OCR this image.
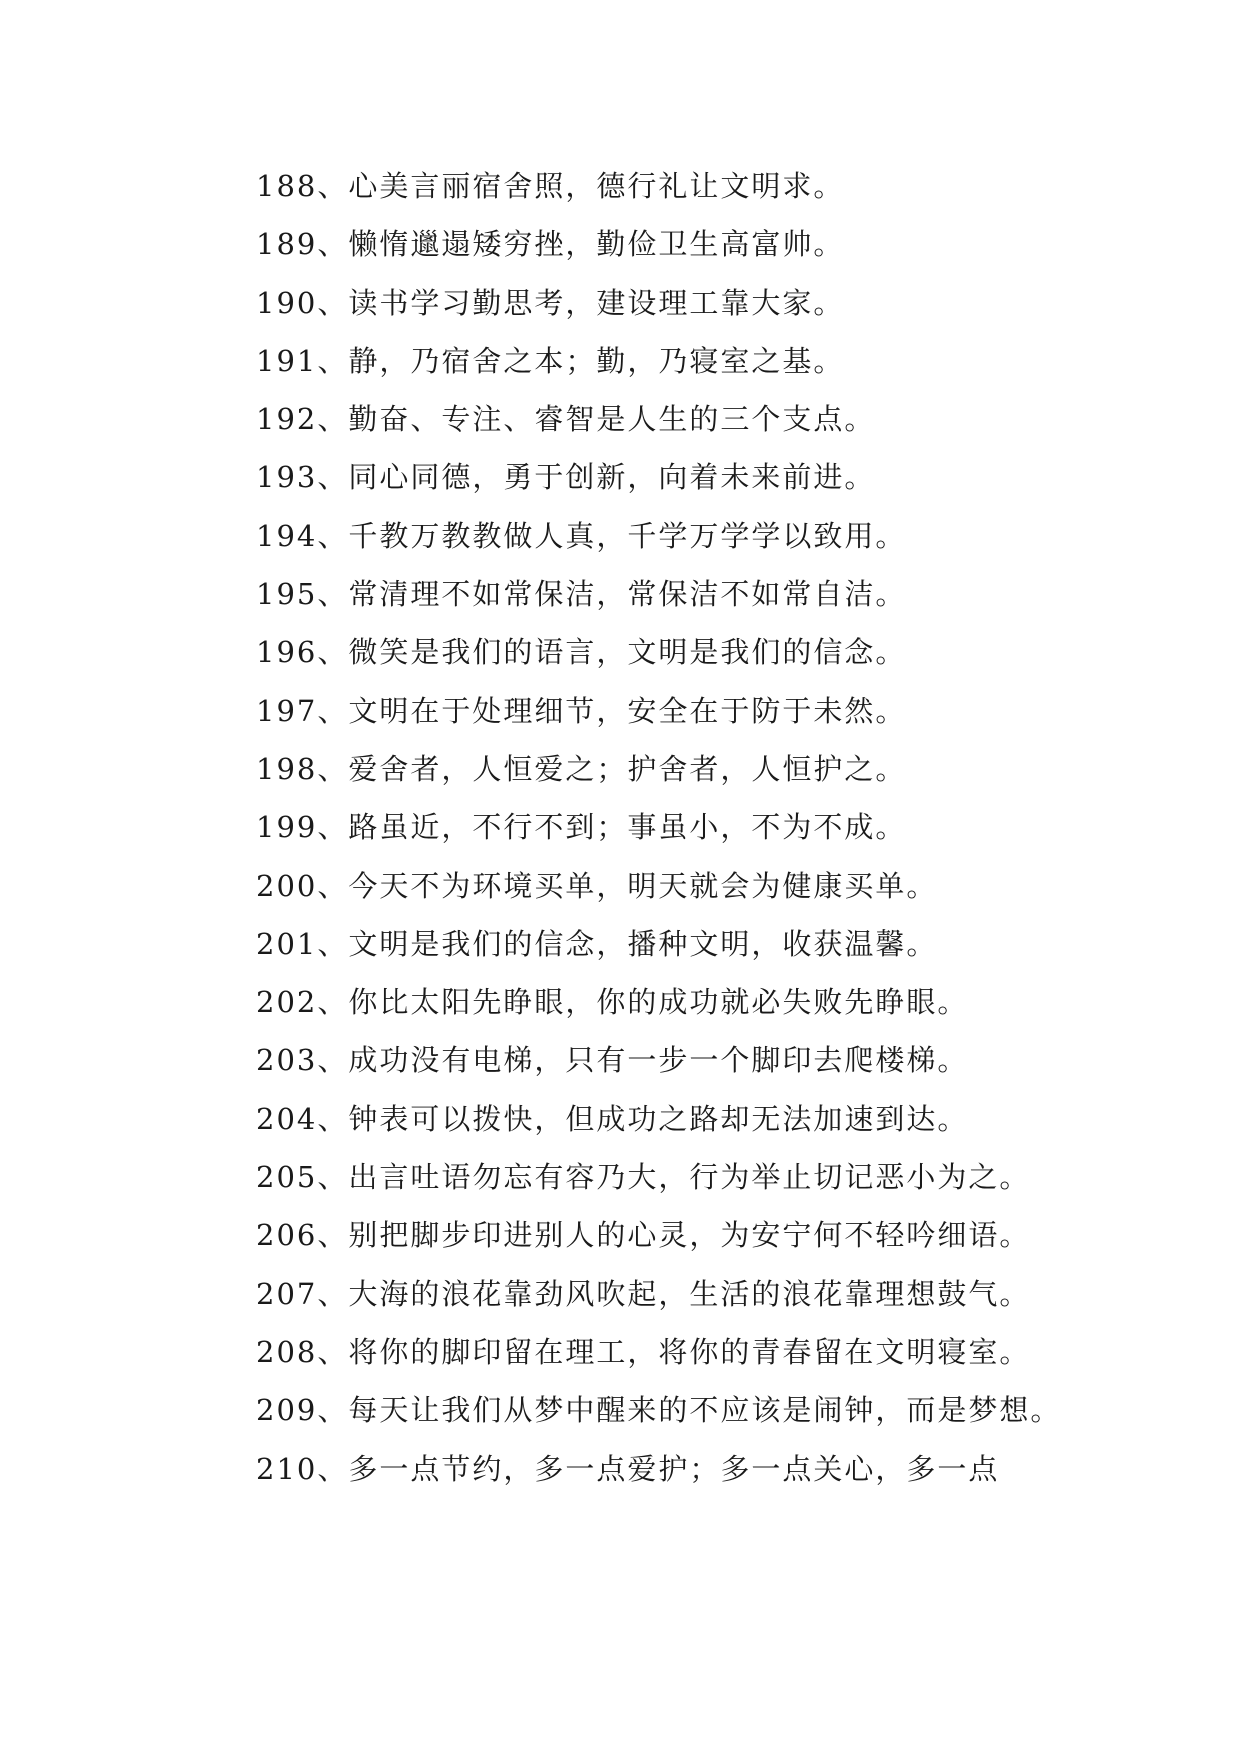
188、心美言丽宿舍照，德行礼让文明求。

189、懒惰邋遢矮穷挫，勤俭卫生高富帅。

190、读书学习勤思考，建设理工靠大家。

191、静，乃宿舍之本；勤，乃寝室之基。

192、勤奋、专注、睿智是人生的三个支点。

193、同心同德，勇于创新，向着未来前进。

194、千教万教教做人真，千学万学学以致用。

195、常清理不如常保洁，常保洁不如常自洁。

196、微笑是我们的语言，文明是我们的信念。

197、文明在于处理细节，安全在于防于未然。

198、爱舍者，人恒爱之；护舍者，人恒护之。

199、路虽近，不行不到；事虽小，不为不成。

200、今天不为环境买单，明天就会为健康买单。

201、文明是我们的信念，播种文明，收获温馨。

202、你比太阳先睁眼，你的成功就必失败先睁眼。

203、成功没有电梯，只有一步一个脚印去爬楼梯。

204、钟表可以拨快，但成功之路却无法加速到达。

205、出言吐语勿忘有容乃大，行为举止切记恶小为之。

206、别把脚步印进别人的心灵，为安宁何不轻吟细语。

207、大海的浪花靠劲风吹起，生活的浪花靠理想鼓气。

208、将你的脚印留在理工，将你的青春留在文明寝室。

209、每天让我们从梦中醒来的不应该是闹钟，而是梦想。

210、多一点节约，多一点爱护；多一点关心，多一点
